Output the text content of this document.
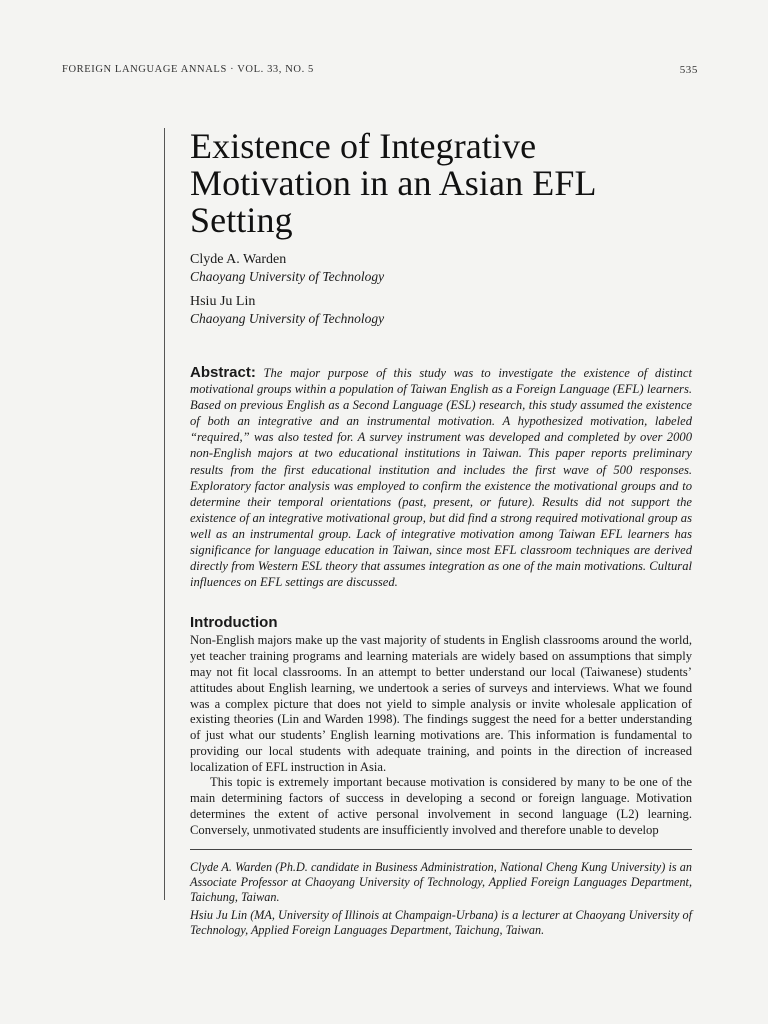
FOREIGN LANGUAGE ANNALS · VOL. 33, NO. 5	535
Existence of Integrative Motivation in an Asian EFL Setting
Clyde A. Warden
Chaoyang University of Technology
Hsiu Ju Lin
Chaoyang University of Technology
Abstract: The major purpose of this study was to investigate the existence of distinct motivational groups within a population of Taiwan English as a Foreign Language (EFL) learners. Based on previous English as a Second Language (ESL) research, this study assumed the existence of both an integrative and an instrumental motivation. A hypothesized motivation, labeled “required,” was also tested for. A survey instrument was developed and completed by over 2000 non-English majors at two educational institutions in Taiwan. This paper reports preliminary results from the first educational institution and includes the first wave of 500 responses. Exploratory factor analysis was employed to confirm the existence the motivational groups and to determine their temporal orientations (past, present, or future). Results did not support the existence of an integrative motivational group, but did find a strong required motivational group as well as an instrumental group. Lack of integrative motivation among Taiwan EFL learners has significance for language education in Taiwan, since most EFL classroom techniques are derived directly from Western ESL theory that assumes integration as one of the main motivations. Cultural influences on EFL settings are discussed.
Introduction

Non-English majors make up the vast majority of students in English classrooms around the world, yet teacher training programs and learning materials are widely based on assumptions that simply may not fit local classrooms. In an attempt to better understand our local (Taiwanese) students’ attitudes about English learning, we undertook a series of surveys and interviews. What we found was a complex picture that does not yield to simple analysis or invite wholesale application of existing theories (Lin and Warden 1998). The findings suggest the need for a better understanding of just what our students’ English learning motivations are. This information is fundamental to providing our local students with adequate training, and points in the direction of increased localization of EFL instruction in Asia.

This topic is extremely important because motivation is considered by many to be one of the main determining factors of success in developing a second or foreign language. Motivation determines the extent of active personal involvement in second language (L2) learning. Conversely, unmotivated students are insufficiently involved and therefore unable to develop

Clyde A. Warden (Ph.D. candidate in Business Administration, National Cheng Kung University) is an Associate Professor at Chaoyang University of Technology, Applied Foreign Languages Department, Taichung, Taiwan.

Hsiu Ju Lin (MA, University of Illinois at Champaign-Urbana) is a lecturer at Chaoyang University of Technology, Applied Foreign Languages Department, Taichung, Taiwan.
